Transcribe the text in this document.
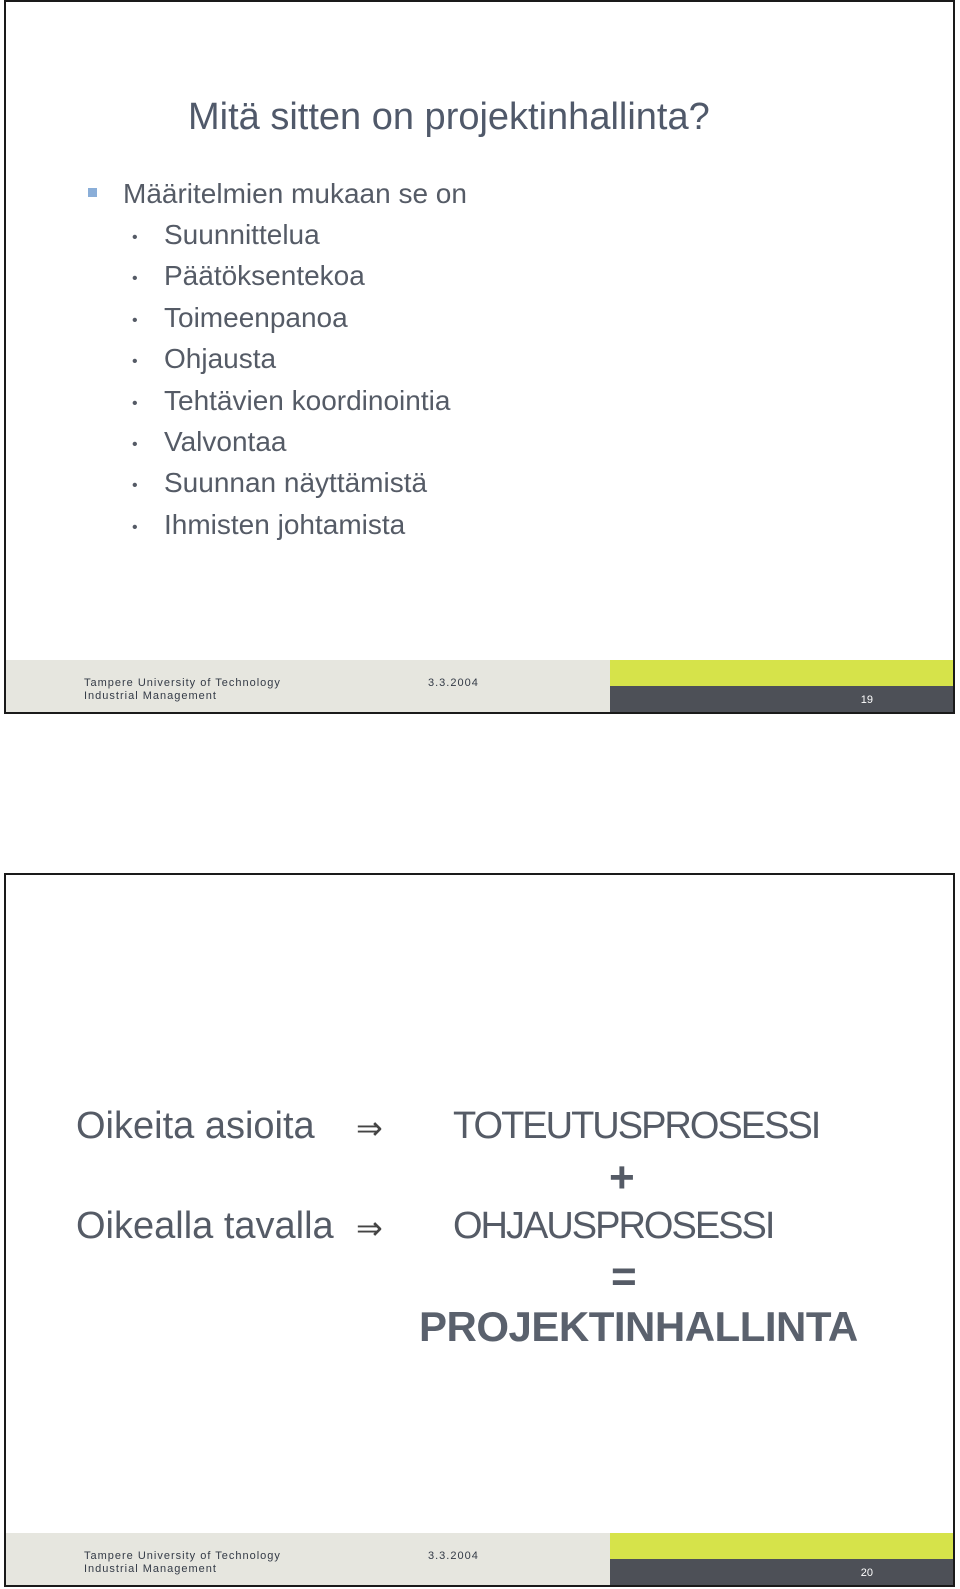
Mitä sitten on projektinhallinta?
Määritelmien mukaan se on
• Suunnittelua
• Päätöksentekoa
• Toimeenpanoa
• Ohjausta
• Tehtävien koordinointia
• Valvontaa
• Suunnan näyttämistä
• Ihmisten johtamista
Tampere University of Technology
Industrial Management
3.3.2004
19
Oikeita asioita ⇒ TOTEUTUSPROSESSI
+
Oikealla tavalla ⇒ OHJAUSPROSESSI
=
PROJEKTINHALLINTA
Tampere University of Technology
Industrial Management
3.3.2004
20
